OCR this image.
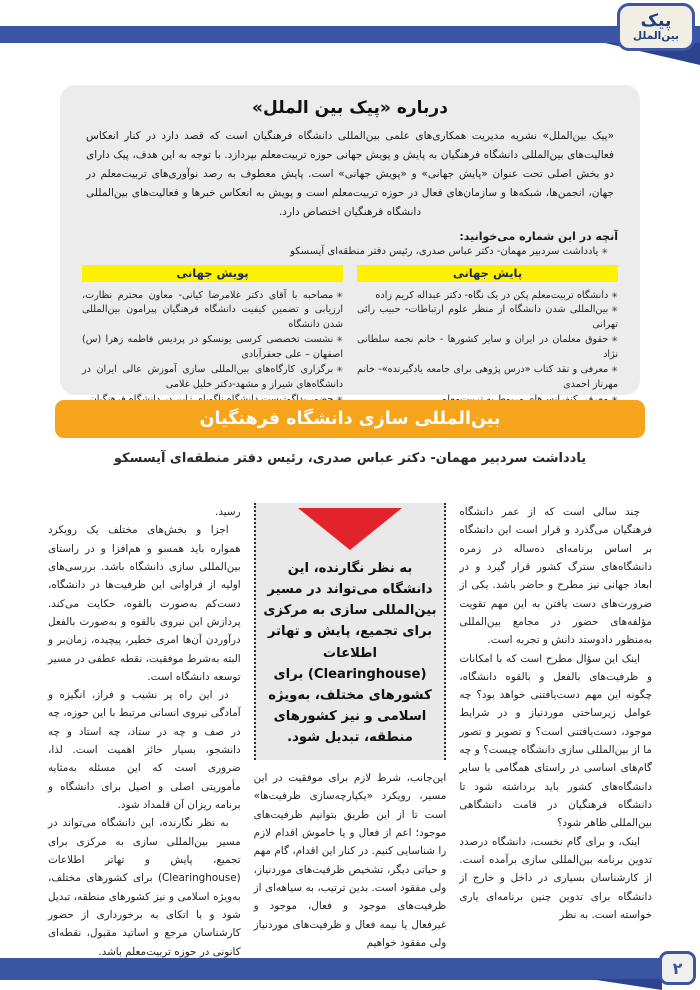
پیک
بین‌الملل
درباره «پیک بین الملل»

«پیک بین‌الملل» نشریه مدیریت همکاری‌های علمی بین‌المللی دانشگاه فرهنگیان است که قصد دارد در کنار انعکاس فعالیت‌های بین‌المللی دانشگاه فرهنگیان به پایش و پویش جهانی حوزه تربیت‌معلم بپردازد. با توجه به این هدف، پیک دارای دو بخش اصلی تحت عنوان «پایش جهانی» و «پویش جهانی» است. پایش معطوف به رصد نوآوری‌های تربیت‌معلم در جهان، انجمن‌ها، شبکه‌ها و سازمان‌های فعال در حوزه تربیت‌معلم است و پویش به انعکاس خبرها و فعالیت‌های بین‌المللی دانشگاه فرهنگیان اختصاص دارد.

آنچه در این شماره می‌خوانید:
✳یادداشت سردبیر مهمان- دکتر عباس صدری، رئیس دفتر منطقه‌ای آیسسکو
پایش جهانی
✳دانشگاه تربیت‌معلم پکن در یک نگاه- دکتر عبداله کریم زاده
✳بین‌المللی شدن دانشگاه از منظر علوم ارتباطات- حبیب رائی تهرانی
✳حقوق معلمان در ایران و سایر کشورها - خانم نجمه سلطانی نژاد
✳معرفی و نقد کتاب «درس پژوهی برای جامعه یادگیرنده»- خانم مهرناز احمدی
پویش جهانی
✳مصاحبه با آقای دکتر غلامرضا کیانی- معاون محترم نظارت، ارزیابی و تضمین کیفیت دانشگاه فرهنگیان پیرامون بین‌المللی شدن دانشگاه
✳نشست تخصصی کرسی یونسکو در پردیس فاطمه زهرا (س) اصفهان – علی جعفرآبادی
✳برگزاری کارگاه‌های بین‌المللی سازی آموزش عالی ایران در دانشگاه‌های شیراز و مشهد-دکتر خلیل غلامی
بین‌المللی سازی دانشگاه فرهنگیان
یادداشت سردبیر مهمان- دکتر عباس صدری، رئیس دفتر منطقه‌ای آیسسکو

چند سالی است که از عمر دانشگاه فرهنگیان می‌گذرد و قرار است این دانشگاه بر اساس برنامه‌ای ده‌ساله در زمره دانشگاه‌های سترگ کشور قرار گیرد و در ابعاد جهانی نیز مطرح و حاضر باشد. یکی از ضرورت‌های دست یافتن به این مهم تقویت مؤلفه‌های حضور در مجامع بین‌المللی به‌منظور دادوستد دانش و تجربه است.

اینک این سؤال مطرح است که با امکانات و ظرفیت‌های بالفعل و بالقوه دانشگاه، چگونه این مهم دست‌یافتنی خواهد بود؟ چه عوامل زیرساختی موردنیاز و در شرایط موجود، دست‌یافتنی است؟ و تصویر و تصور ما از بین‌المللی سازی دانشگاه چیست؟ و چه گام‌های اساسی در راستای همگامی با سایر دانشگاه‌های کشور باید برداشته شود تا دانشگاه فرهنگیان در قامت دانشگاهی بین‌المللی ظاهر شود؟

اینک، و برای گام نخست، دانشگاه درصدد تدوین برنامه بین‌المللی سازی برآمده است. از کارشناسان بسیاری در داخل و خارج از دانشگاه برای تدوین چنین برنامه‌ای یاری خواسته است. به نظر

به نظر نگارنده، این دانشگاه می‌تواند در مسیر بین‌المللی سازی به مرکزی برای تجمیع، پایش و تهاتر اطلاعات (Clearinghouse) برای کشورهای مختلف، به‌ویژه اسلامی و نیز کشورهای منطقه، تبدیل شود.

این‌جانب، شرط لازم برای موفقیت در این مسیر، رویکرد «یکپارچه‌سازی ظرفیت‌ها» است تا از این طریق بتوانیم ظرفیت‌های موجود؛ اعم از فعال و یا خاموش اقدام لازم را شناسایی کنیم. در کنار این اقدام، گام مهم و حیاتی دیگر، تشخیص ظرفیت‌های موردنیاز، ولی مفقود است. بدین ترتیب، به سیاهه‌ای از ظرفیت‌های موجود و فعال، موجود و غیرفعال یا نیمه فعال و ظرفیت‌های موردنیاز ولی مفقود خواهیم

رسید.

اجزا و بخش‌های مختلف یک رویکرد همواره باید همسو و هم‌افزا و در راستای بین‌المللی سازی دانشگاه باشد. بررسی‌های اولیه از فراوانی این ظرفیت‌ها در دانشگاه، دست‌کم به‌صورت بالقوه، حکایت می‌کند. پردازش این نیروی بالقوه و به‌صورت بالفعل درآوردن آن‌ها امری خطیر، پیچیده، زمان‌بر و البته به‌شرط موفقیت، نقطه عطفی در مسیر توسعه دانشگاه است.

در این راه پر نشیب و فراز، انگیزه و آمادگی نیروی انسانی مرتبط با این حوزه، چه در صف و چه در ستاد، چه استاد و چه دانشجو، بسیار حائز اهمیت است. لذا، ضروری است که این مسئله به‌مثابه مأموریتی اصلی و اصیل برای دانشگاه و برنامه ریزان آن قلمداد شود.

به نظر نگارنده، این دانشگاه می‌تواند در مسیر بین‌المللی سازی به مرکزی برای تجمیع، پایش و تهاتر اطلاعات (Clearinghouse) برای کشورهای مختلف، به‌ویژه اسلامی و نیز کشورهای منطقه، تبدیل شود و با اتکای به برخورداری از حضور کارشناسان مرجع و اساتید مقبول، نقطه‌ای کانونی در حوزه تربیت‌معلم باشد.

۲
